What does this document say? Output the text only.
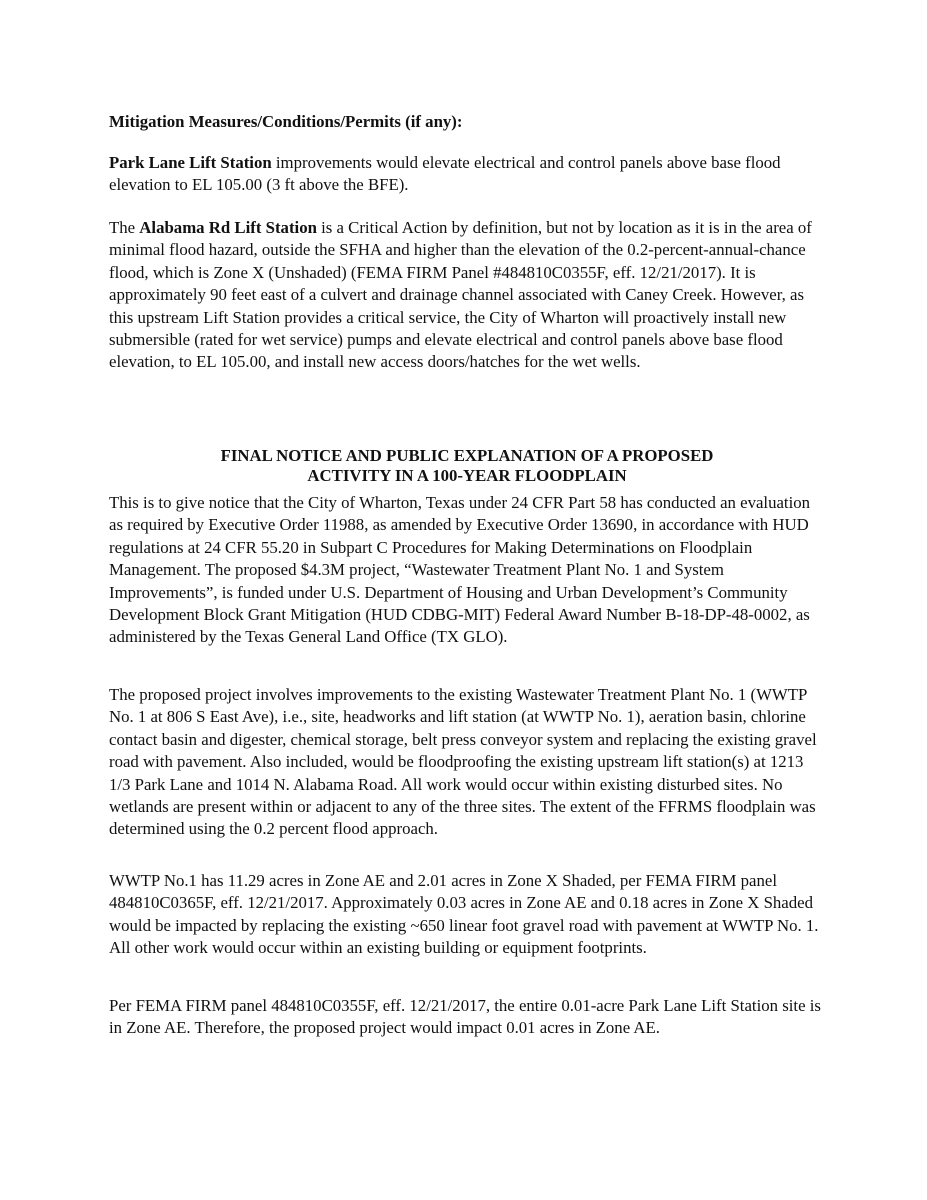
Mitigation Measures/Conditions/Permits (if any):

Park Lane Lift Station improvements would elevate electrical and control panels above base flood elevation to EL 105.00 (3 ft above the BFE).

The Alabama Rd Lift Station is a Critical Action by definition, but not by location as it is in the area of minimal flood hazard, outside the SFHA and higher than the elevation of the 0.2-percent-annual-chance flood, which is Zone X (Unshaded) (FEMA FIRM Panel #484810C0355F, eff. 12/21/2017). It is approximately 90 feet east of a culvert and drainage channel associated with Caney Creek. However, as this upstream Lift Station provides a critical service, the City of Wharton will proactively install new submersible (rated for wet service) pumps and elevate electrical and control panels above base flood elevation, to EL 105.00, and install new access doors/hatches for the wet wells.

FINAL NOTICE AND PUBLIC EXPLANATION OF A PROPOSED
ACTIVITY IN A 100-YEAR FLOODPLAIN

This is to give notice that the City of Wharton, Texas under 24 CFR Part 58 has conducted an evaluation as required by Executive Order 11988, as amended by Executive Order 13690, in accordance with HUD regulations at 24 CFR 55.20 in Subpart C Procedures for Making Determinations on Floodplain Management. The proposed $4.3M project, “Wastewater Treatment Plant No. 1 and System Improvements”, is funded under U.S. Department of Housing and Urban Development’s Community Development Block Grant Mitigation (HUD CDBG-MIT) Federal Award Number B-18-DP-48-0002, as administered by the Texas General Land Office (TX GLO).

The proposed project involves improvements to the existing Wastewater Treatment Plant No. 1 (WWTP No. 1 at 806 S East Ave), i.e., site, headworks and lift station (at WWTP No. 1), aeration basin, chlorine contact basin and digester, chemical storage, belt press conveyor system and replacing the existing gravel road with pavement. Also included, would be floodproofing the existing upstream lift station(s) at 1213 1/3 Park Lane and 1014 N. Alabama Road. All work would occur within existing disturbed sites. No wetlands are present within or adjacent to any of the three sites. The extent of the FFRMS floodplain was determined using the 0.2 percent flood approach.

WWTP No.1 has 11.29 acres in Zone AE and 2.01 acres in Zone X Shaded, per FEMA FIRM panel 484810C0365F, eff. 12/21/2017. Approximately 0.03 acres in Zone AE and 0.18 acres in Zone X Shaded would be impacted by replacing the existing ~650 linear foot gravel road with pavement at WWTP No. 1. All other work would occur within an existing building or equipment footprints.

Per FEMA FIRM panel 484810C0355F, eff. 12/21/2017, the entire 0.01-acre Park Lane Lift Station site is in Zone AE. Therefore, the proposed project would impact 0.01 acres in Zone AE.
